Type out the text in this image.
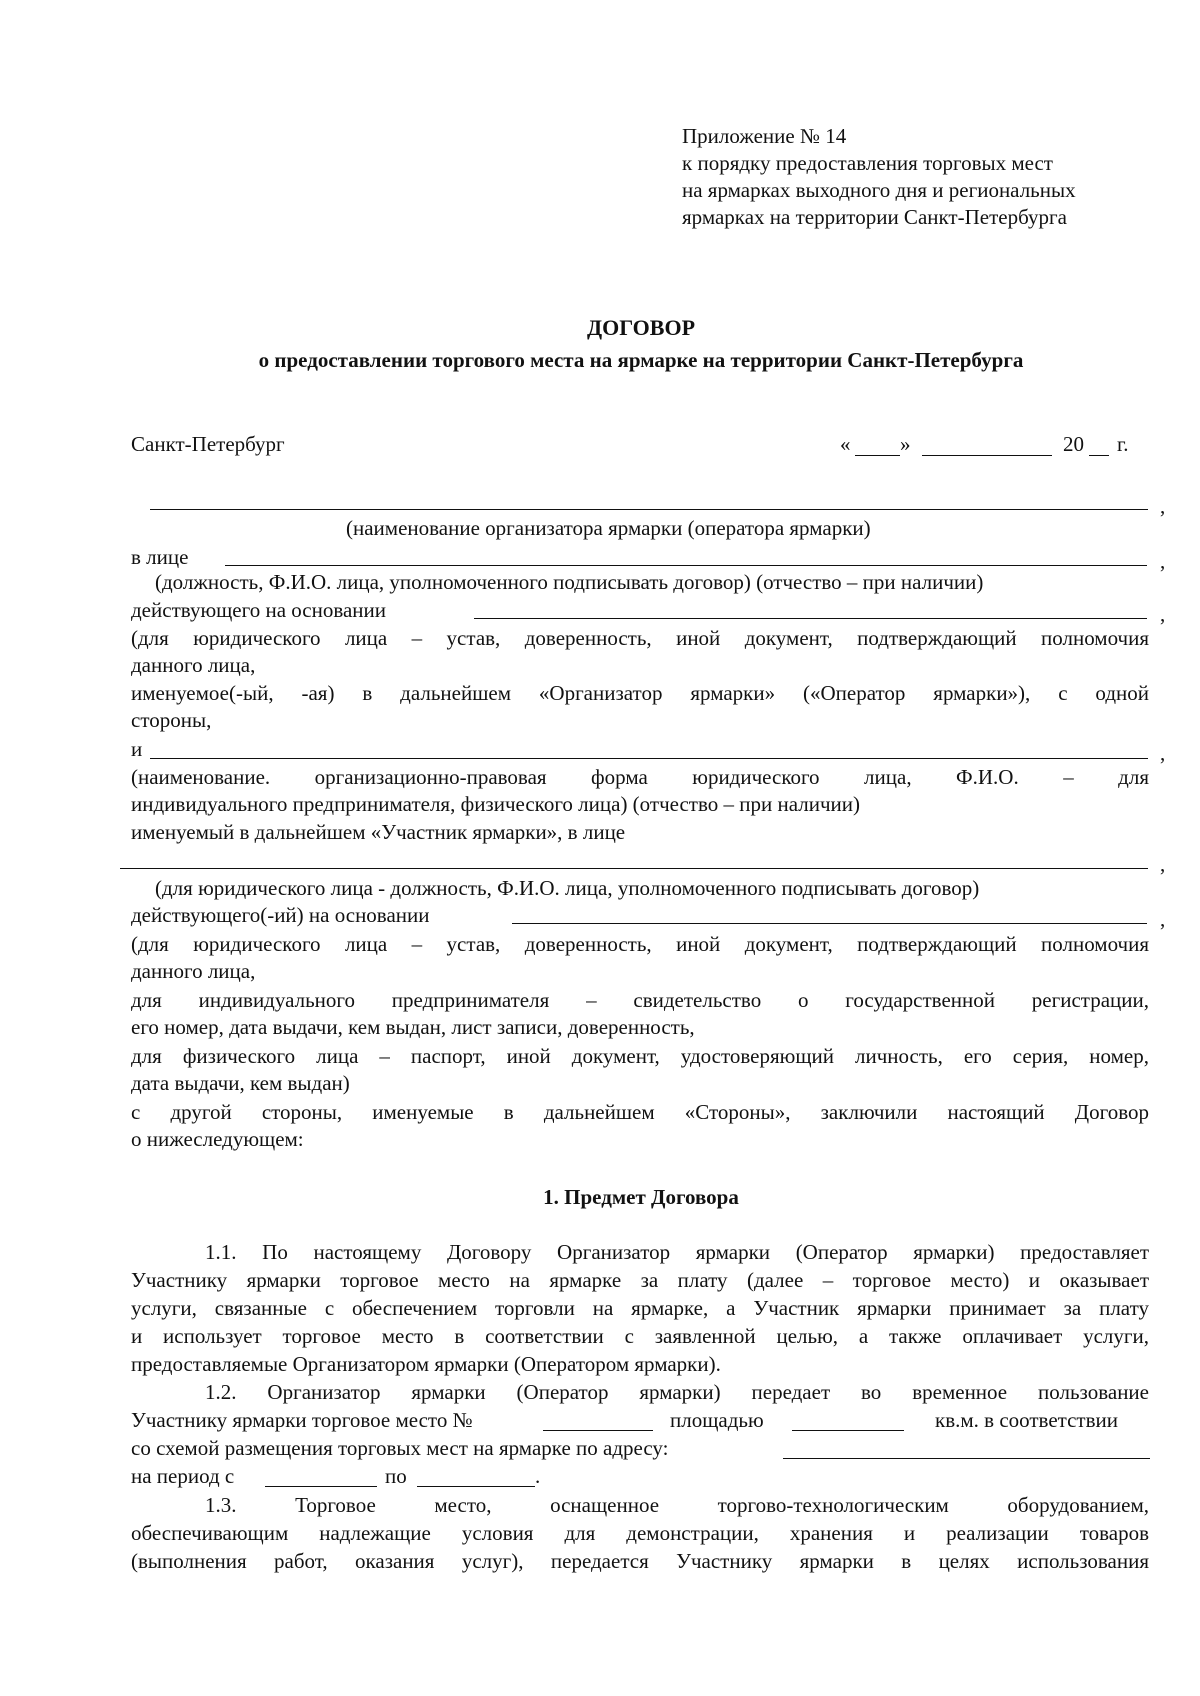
Приложение № 14
к порядку предоставления торговых мест
на ярмарках выходного дня и региональных
ярмарках на территории Санкт-Петербурга
ДОГОВОР
о предоставлении торгового места на ярмарке на территории Санкт-Петербурга
Санкт-Петербург	« »	20 г.
,
(наименование организатора ярмарки (оператора ярмарки)
в лице	,
(должность, Ф.И.О. лица, уполномоченного подписывать договор) (отчество – при наличии)
действующего на основании	,
(для юридического лица – устав, доверенность, иной документ, подтверждающий полномочия
данного лица,
именуемое(-ый, -ая) в дальнейшем «Организатор ярмарки» («Оператор ярмарки»), с одной
стороны,
и	,
(наименование. организационно-правовая форма юридического лица, Ф.И.О. – для
индивидуального предпринимателя, физического лица) (отчество – при наличии)
именуемый в дальнейшем «Участник ярмарки», в лице
,
(для юридического лица - должность, Ф.И.О. лица, уполномоченного подписывать договор)
действующего(-ий) на основании	,
(для юридического лица – устав, доверенность, иной документ, подтверждающий полномочия
данного лица,
для индивидуального предпринимателя – свидетельство о государственной регистрации,
его номер, дата выдачи, кем выдан, лист записи, доверенность,
для физического лица – паспорт, иной документ, удостоверяющий личность, его серия, номер,
дата выдачи, кем выдан)
с другой стороны, именуемые в дальнейшем «Стороны», заключили настоящий Договор
о нижеследующем:
1. Предмет Договора
1.1. По настоящему Договору Организатор ярмарки (Оператор ярмарки) предоставляет
Участнику ярмарки торговое место на ярмарке за плату (далее – торговое место) и оказывает
услуги, связанные с обеспечением торговли на ярмарке, а Участник ярмарки принимает за плату
и использует торговое место в соответствии с заявленной целью, а также оплачивает услуги,
предоставляемые Организатором ярмарки (Оператором ярмарки).
1.2. Организатор ярмарки (Оператор ярмарки) передает во временное пользование
Участнику ярмарки торговое место №	площадью	кв.м. в соответствии
со схемой размещения торговых мест на ярмарке по адресу:
на период с	по	.
1.3. Торговое место, оснащенное торгово-технологическим оборудованием,
обеспечивающим надлежащие условия для демонстрации, хранения и реализации товаров
(выполнения работ, оказания услуг), передается Участнику ярмарки в целях использования
